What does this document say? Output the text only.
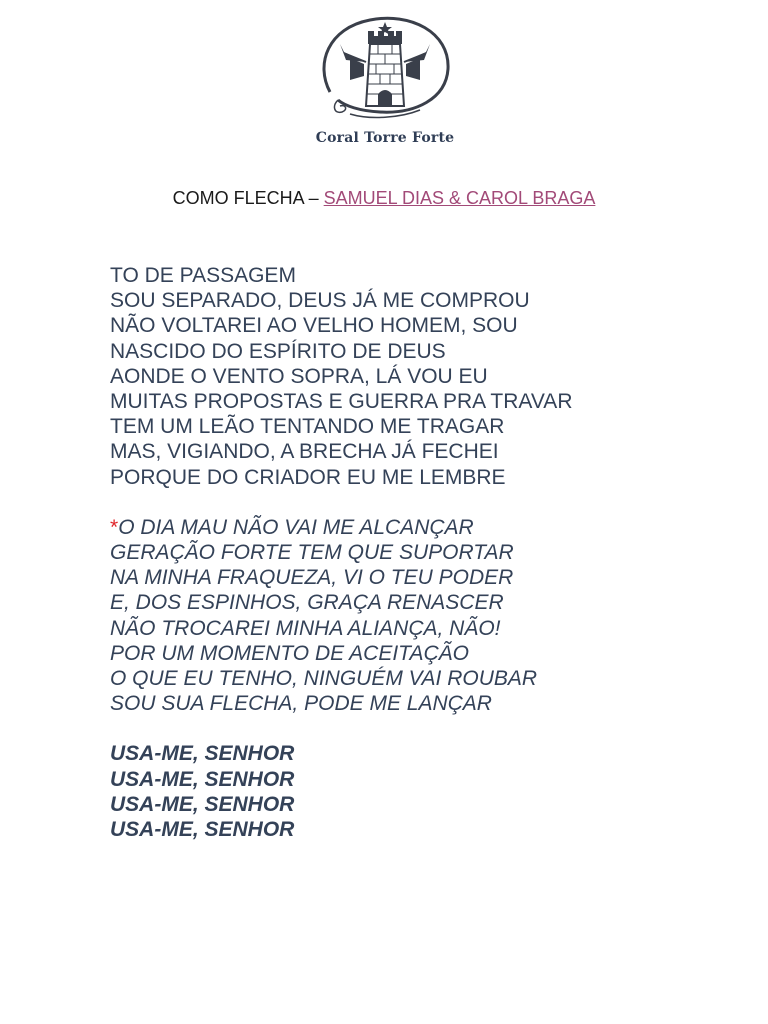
Coral Torre Forte
COMO FLECHA – SAMUEL DIAS & CAROL BRAGA
TO DE PASSAGEM
SOU SEPARADO, DEUS JÁ ME COMPROU
NÃO VOLTAREI AO VELHO HOMEM, SOU
NASCIDO DO ESPÍRITO DE DEUS
AONDE O VENTO SOPRA, LÁ VOU EU
MUITAS PROPOSTAS E GUERRA PRA TRAVAR
TEM UM LEÃO TENTANDO ME TRAGAR
MAS, VIGIANDO, A BRECHA JÁ FECHEI
PORQUE DO CRIADOR EU ME LEMBRE
*O DIA MAU NÃO VAI ME ALCANÇAR
GERAÇÃO FORTE TEM QUE SUPORTAR
NA MINHA FRAQUEZA, VI O TEU PODER
E, DOS ESPINHOS, GRAÇA RENASCER
NÃO TROCAREI MINHA ALIANÇA, NÃO!
POR UM MOMENTO DE ACEITAÇÃO
O QUE EU TENHO, NINGUÉM VAI ROUBAR
SOU SUA FLECHA, PODE ME LANÇAR
USA-ME, SENHOR
USA-ME, SENHOR
USA-ME, SENHOR
USA-ME, SENHOR
